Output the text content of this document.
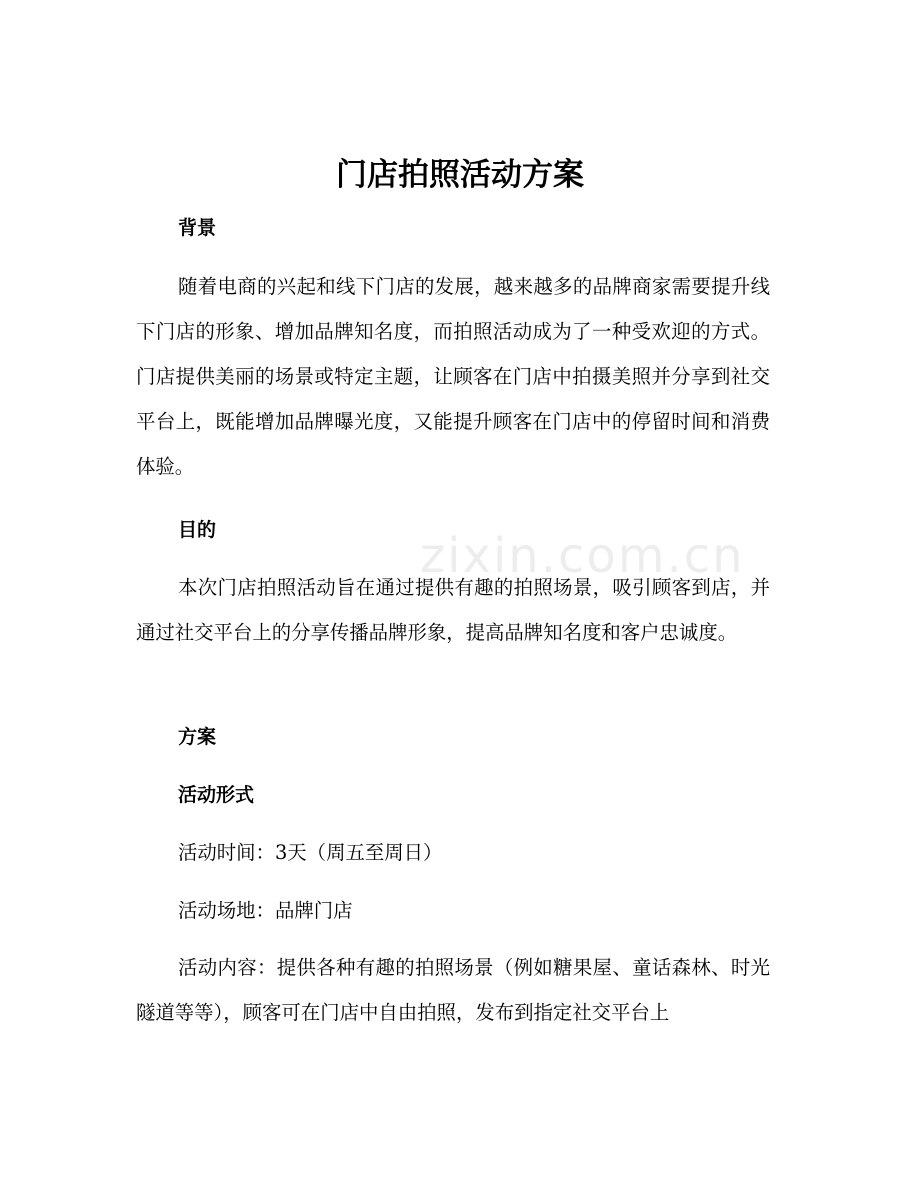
zixin.com.cn
门店拍照活动方案
背景

随着电商的兴起和线下门店的发展，越来越多的品牌商家需要提升线下门店的形象、增加品牌知名度，而拍照活动成为了一种受欢迎的方式。门店提供美丽的场景或特定主题，让顾客在门店中拍摄美照并分享到社交平台上，既能增加品牌曝光度，又能提升顾客在门店中的停留时间和消费体验。

目的

本次门店拍照活动旨在通过提供有趣的拍照场景，吸引顾客到店，并通过社交平台上的分享传播品牌形象，提高品牌知名度和客户忠诚度。

方案
活动形式

活动时间：3天（周五至周日）

活动场地：品牌门店

活动内容：提供各种有趣的拍照场景（例如糖果屋、童话森林、时光隧道等等），顾客可在门店中自由拍照，发布到指定社交平台上
